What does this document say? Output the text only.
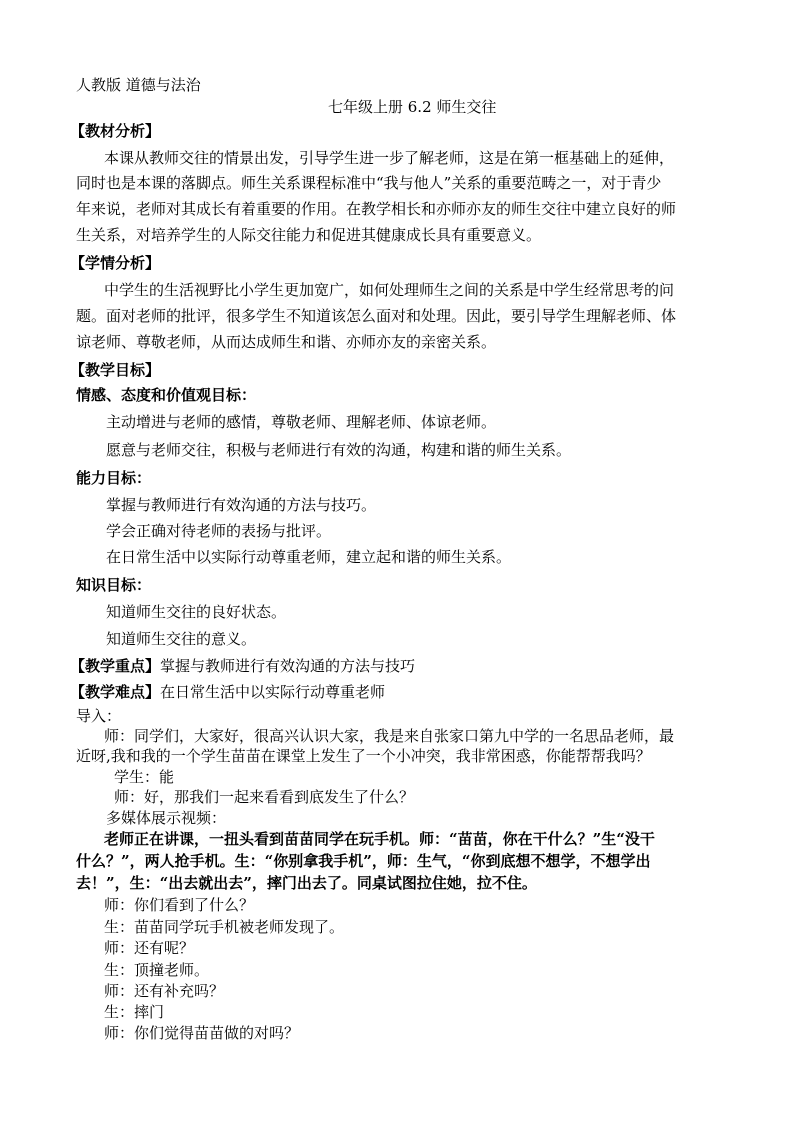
人教版 道德与法治
七年级上册 6.2 师生交往
【教材分析】
本课从教师交往的情景出发，引导学生进一步了解老师，这是在第一框基础上的延伸，
同时也是本课的落脚点。师生关系课程标准中“我与他人”关系的重要范畴之一，对于青少
年来说，老师对其成长有着重要的作用。在教学相长和亦师亦友的师生交往中建立良好的师
生关系，对培养学生的人际交往能力和促进其健康成长具有重要意义。
【学情分析】
中学生的生活视野比小学生更加宽广，如何处理师生之间的关系是中学生经常思考的问
题。面对老师的批评，很多学生不知道该怎么面对和处理。因此，要引导学生理解老师、体
谅老师、尊敬老师，从而达成师生和谐、亦师亦友的亲密关系。
【教学目标】
情感、态度和价值观目标：
主动增进与老师的感情，尊敬老师、理解老师、体谅老师。
愿意与老师交往，积极与老师进行有效的沟通，构建和谐的师生关系。
能力目标：
掌握与教师进行有效沟通的方法与技巧。
学会正确对待老师的表扬与批评。
在日常生活中以实际行动尊重老师，建立起和谐的师生关系。
知识目标：
知道师生交往的良好状态。
知道师生交往的意义。
【教学重点】掌握与教师进行有效沟通的方法与技巧
【教学难点】在日常生活中以实际行动尊重老师
导入：
师：同学们，大家好，很高兴认识大家，我是来自张家口第九中学的一名思品老师，最
近呀,我和我的一个学生苗苗在课堂上发生了一个小冲突，我非常困惑，你能帮帮我吗？
学生：能
师：好，那我们一起来看看到底发生了什么？
多媒体展示视频：
老师正在讲课，一扭头看到苗苗同学在玩手机。师：“苗苗，你在干什么？”生“没干
什么？”，两人抢手机。生：“你别拿我手机”，师：生气，“你到底想不想学，不想学出
去！”，生：“出去就出去”，摔门出去了。同桌试图拉住她，拉不住。
师：你们看到了什么？
生：苗苗同学玩手机被老师发现了。
师：还有呢？
生：顶撞老师。
师：还有补充吗？
生：摔门
师：你们觉得苗苗做的对吗？
